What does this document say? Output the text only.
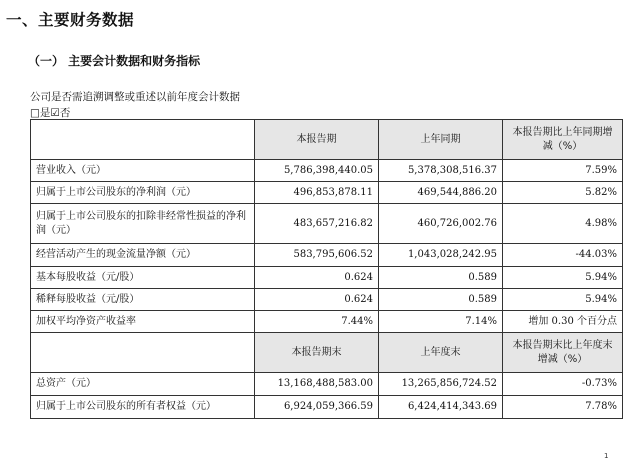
一、主要财务数据
（一） 主要会计数据和财务指标
公司是否需追溯调整或重述以前年度会计数据
□是☑否
	本报告期	上年同期	本报告期比上年同期增减（%）
营业收入（元）	5,786,398,440.05	5,378,308,516.37	7.59%
归属于上市公司股东的净利润（元）	496,853,878.11	469,544,886.20	5.82%
归属于上市公司股东的扣除非经常性损益的净利润（元）	483,657,216.82	460,726,002.76	4.98%
经营活动产生的现金流量净额（元）	583,795,606.52	1,043,028,242.95	-44.03%
基本每股收益（元/股）	0.624	0.589	5.94%
稀释每股收益（元/股）	0.624	0.589	5.94%
加权平均净资产收益率	7.44%	7.14%	增加 0.30 个百分点
	本报告期末	上年度末	本报告期末比上年度末增减（%）
总资产（元）	13,168,488,583.00	13,265,856,724.52	-0.73%
归属于上市公司股东的所有者权益（元）	6,924,059,366.59	6,424,414,343.69	7.78%
1
